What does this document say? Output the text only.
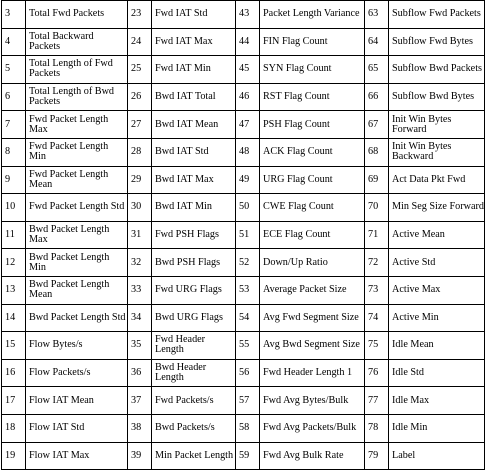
3	Total Fwd Packets	23	Fwd IAT Std	43	Packet Length Variance	63	Subflow Fwd Packets
4	Total Backward Packets	24	Fwd IAT Max	44	FIN Flag Count	64	Subflow Fwd Bytes
5	Total Length of Fwd Packets	25	Fwd IAT Min	45	SYN Flag Count	65	Subflow Bwd Packets
6	Total Length of Bwd Packets	26	Bwd IAT Total	46	RST Flag Count	66	Subflow Bwd Bytes
7	Fwd Packet Length Max	27	Bwd IAT Mean	47	PSH Flag Count	67	Init Win Bytes Forward
8	Fwd Packet Length Min	28	Bwd IAT Std	48	ACK Flag Count	68	Init Win Bytes Backward
9	Fwd Packet Length Mean	29	Bwd IAT Max	49	URG Flag Count	69	Act Data Pkt Fwd
10	Fwd Packet Length Std	30	Bwd IAT Min	50	CWE Flag Count	70	Min Seg Size Forward
11	Bwd Packet Length Max	31	Fwd PSH Flags	51	ECE Flag Count	71	Active Mean
12	Bwd Packet Length Min	32	Bwd PSH Flags	52	Down/Up Ratio	72	Active Std
13	Bwd Packet Length Mean	33	Fwd URG Flags	53	Average Packet Size	73	Active Max
14	Bwd Packet Length Std	34	Bwd URG Flags	54	Avg Fwd Segment Size	74	Active Min
15	Flow Bytes/s	35	Fwd Header Length	55	Avg Bwd Segment Size	75	Idle Mean
16	Flow Packets/s	36	Bwd Header Length	56	Fwd Header Length 1	76	Idle Std
17	Flow IAT Mean	37	Fwd Packets/s	57	Fwd Avg Bytes/Bulk	77	Idle Max
18	Flow IAT Std	38	Bwd Packets/s	58	Fwd Avg Packets/Bulk	78	Idle Min
19	Flow IAT Max	39	Min Packet Length	59	Fwd Avg Bulk Rate	79	Label
